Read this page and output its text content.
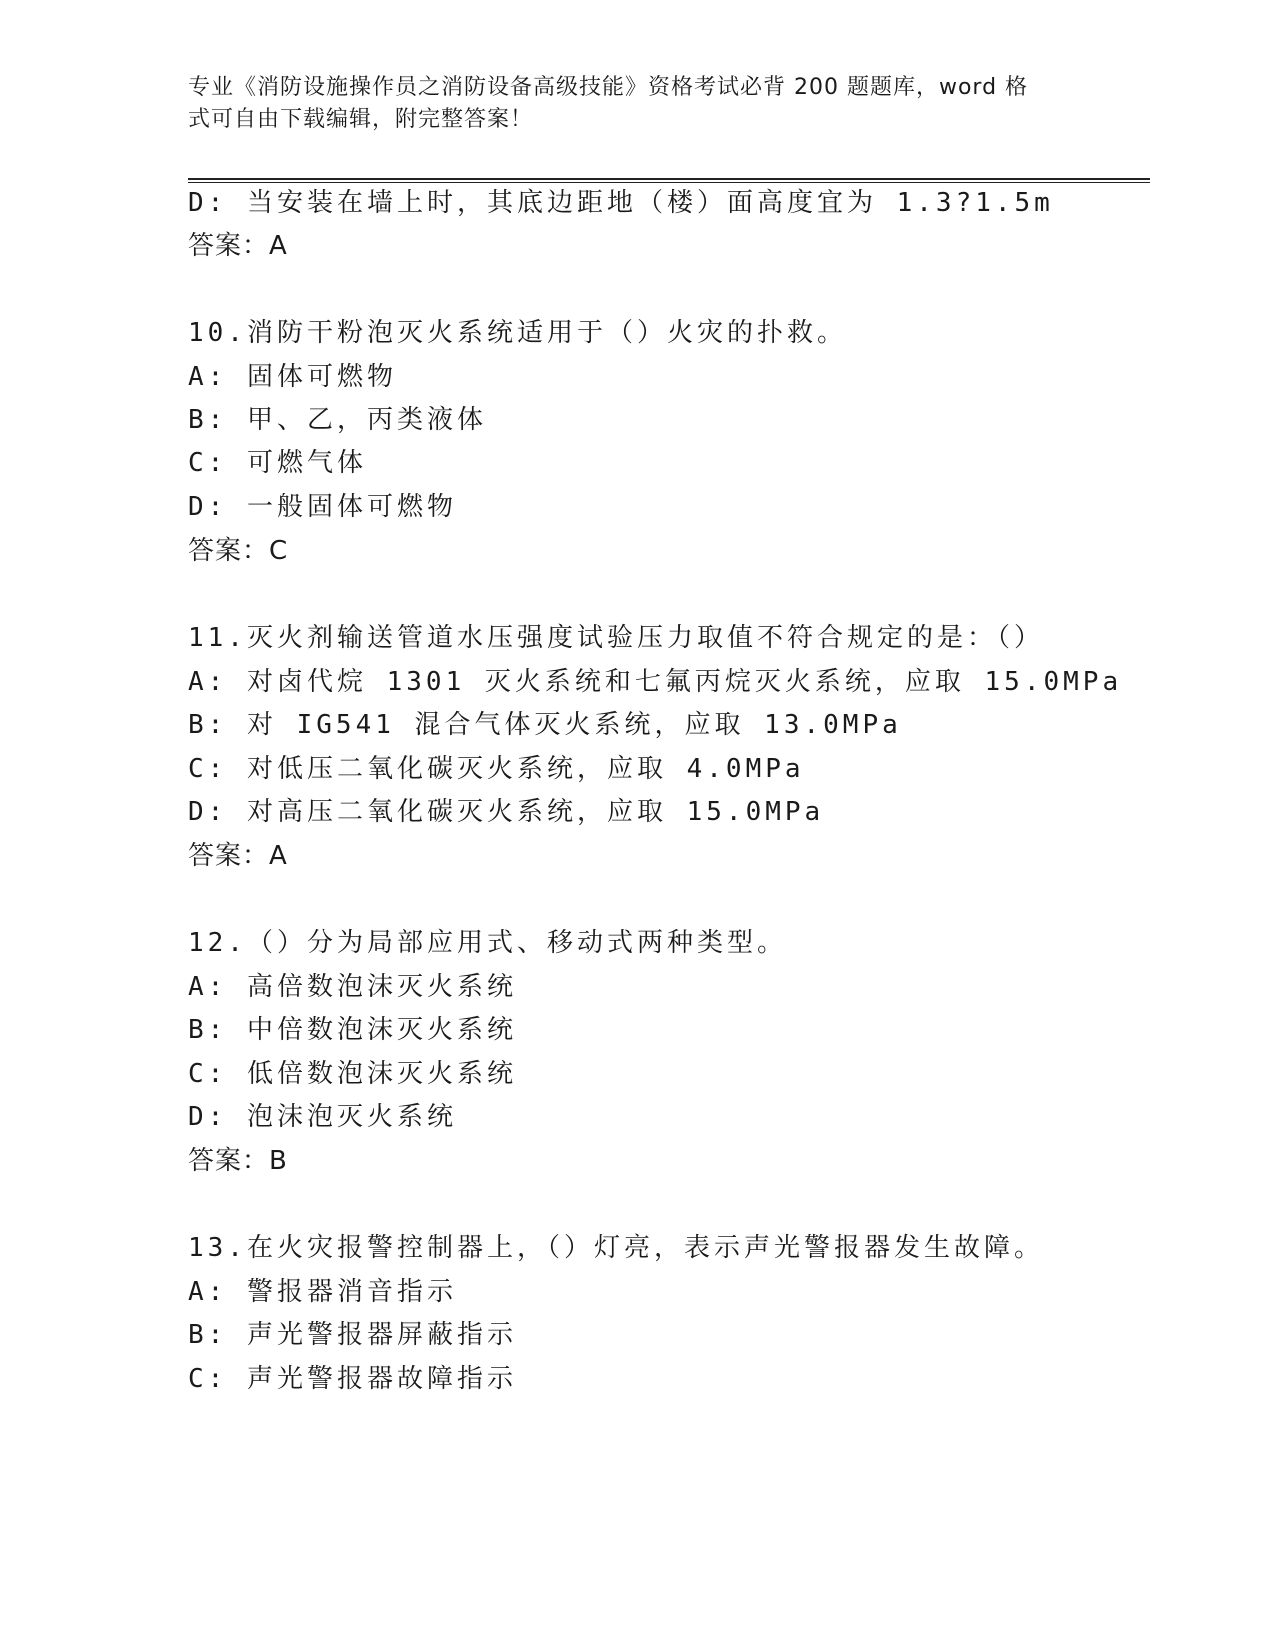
专业《消防设施操作员之消防设备高级技能》资格考试必背 200 题题库，word 格
式可自由下载编辑，附完整答案！
D: 当安装在墙上时，其底边距地（楼）面高度宜为 1.3?1.5m
答案：A
10.消防干粉泡灭火系统适用于（）火灾的扑救。
A: 固体可燃物
B: 甲、乙，丙类液体
C: 可燃气体
D: 一般固体可燃物
答案：C
11.灭火剂输送管道水压强度试验压力取值不符合规定的是：（）
A: 对卤代烷 1301 灭火系统和七氟丙烷灭火系统，应取 15.0MPa
B: 对 IG541 混合气体灭火系统，应取 13.0MPa
C: 对低压二氧化碳灭火系统，应取 4.0MPa
D: 对高压二氧化碳灭火系统，应取 15.0MPa
答案：A
12.（）分为局部应用式、移动式两种类型。
A: 高倍数泡沫灭火系统
B: 中倍数泡沫灭火系统
C: 低倍数泡沫灭火系统
D: 泡沫泡灭火系统
答案：B
13.在火灾报警控制器上，（）灯亮，表示声光警报器发生故障。
A: 警报器消音指示
B: 声光警报器屏蔽指示
C: 声光警报器故障指示
